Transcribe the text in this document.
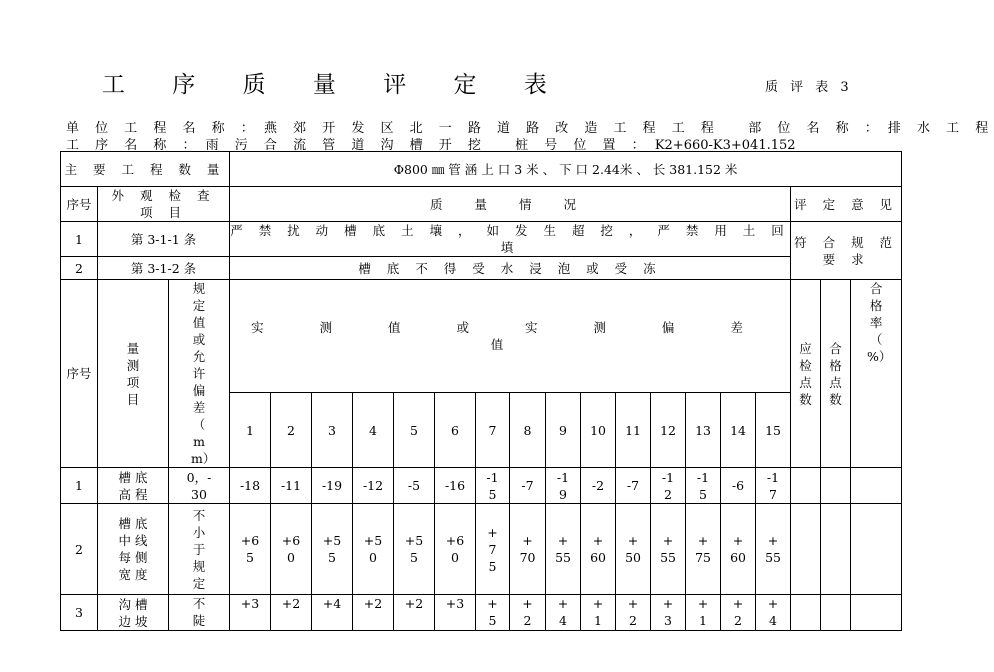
工 序 质 量 评 定 表	质 评 表 3
单 位 工 程 名 称 ： 燕 郊 开 发 区 北 一 路 道 路 改 造 工 程 工 程 部 位 名 称 ： 排 水 工 程
工 序 名 称 ： 雨 污 合 流 管 道 沟 槽 开 挖 桩 号 位 置 ： K2+660-K3+041.152
主 要 工 程 数 量			Φ800 ㎜ 管 涵 上 口 3 米 、 下 口 2.44米 、 长 381.152 米																	
序号	外 观 检 查 项 目		质 量 情 况															评 定 意 见		
1	第 3-1-1 条		严 禁 扰 动 槽 底 土 壤 ， 如 发 生 超 挖 ， 严 禁 用 土 回 填															符 合 规 范 要 求		
2	第 3-1-2 条		槽 底 不 得 受 水 浸 泡 或 受 冻																	
序号	量测项目	规定值或允许偏差（ mm）	实 测 值 或 实 测 偏 差 值															应检点数	合格点数	合格率（ %）
			1	2	3	4	5	6	7	8	9	10	11	12	13	14	15			
1	槽 底 高 程	0，-30	-18	-11	-19	-12	-5	-16	-15	-7	-19	-2	-7	-12	-15	-6	-17			
2	槽 底 中 线 每 侧 宽 度	不小于规定	+65	+60	+55	+50	+55	+60	+75	+70	+55	+60	+50	+55	+75	+60	+55			
3	沟 槽 边 坡	不陡	+3	+2	+4	+2	+2	+3	+5	+2	+4	+1	+2	+3	+1	+2	+4			
